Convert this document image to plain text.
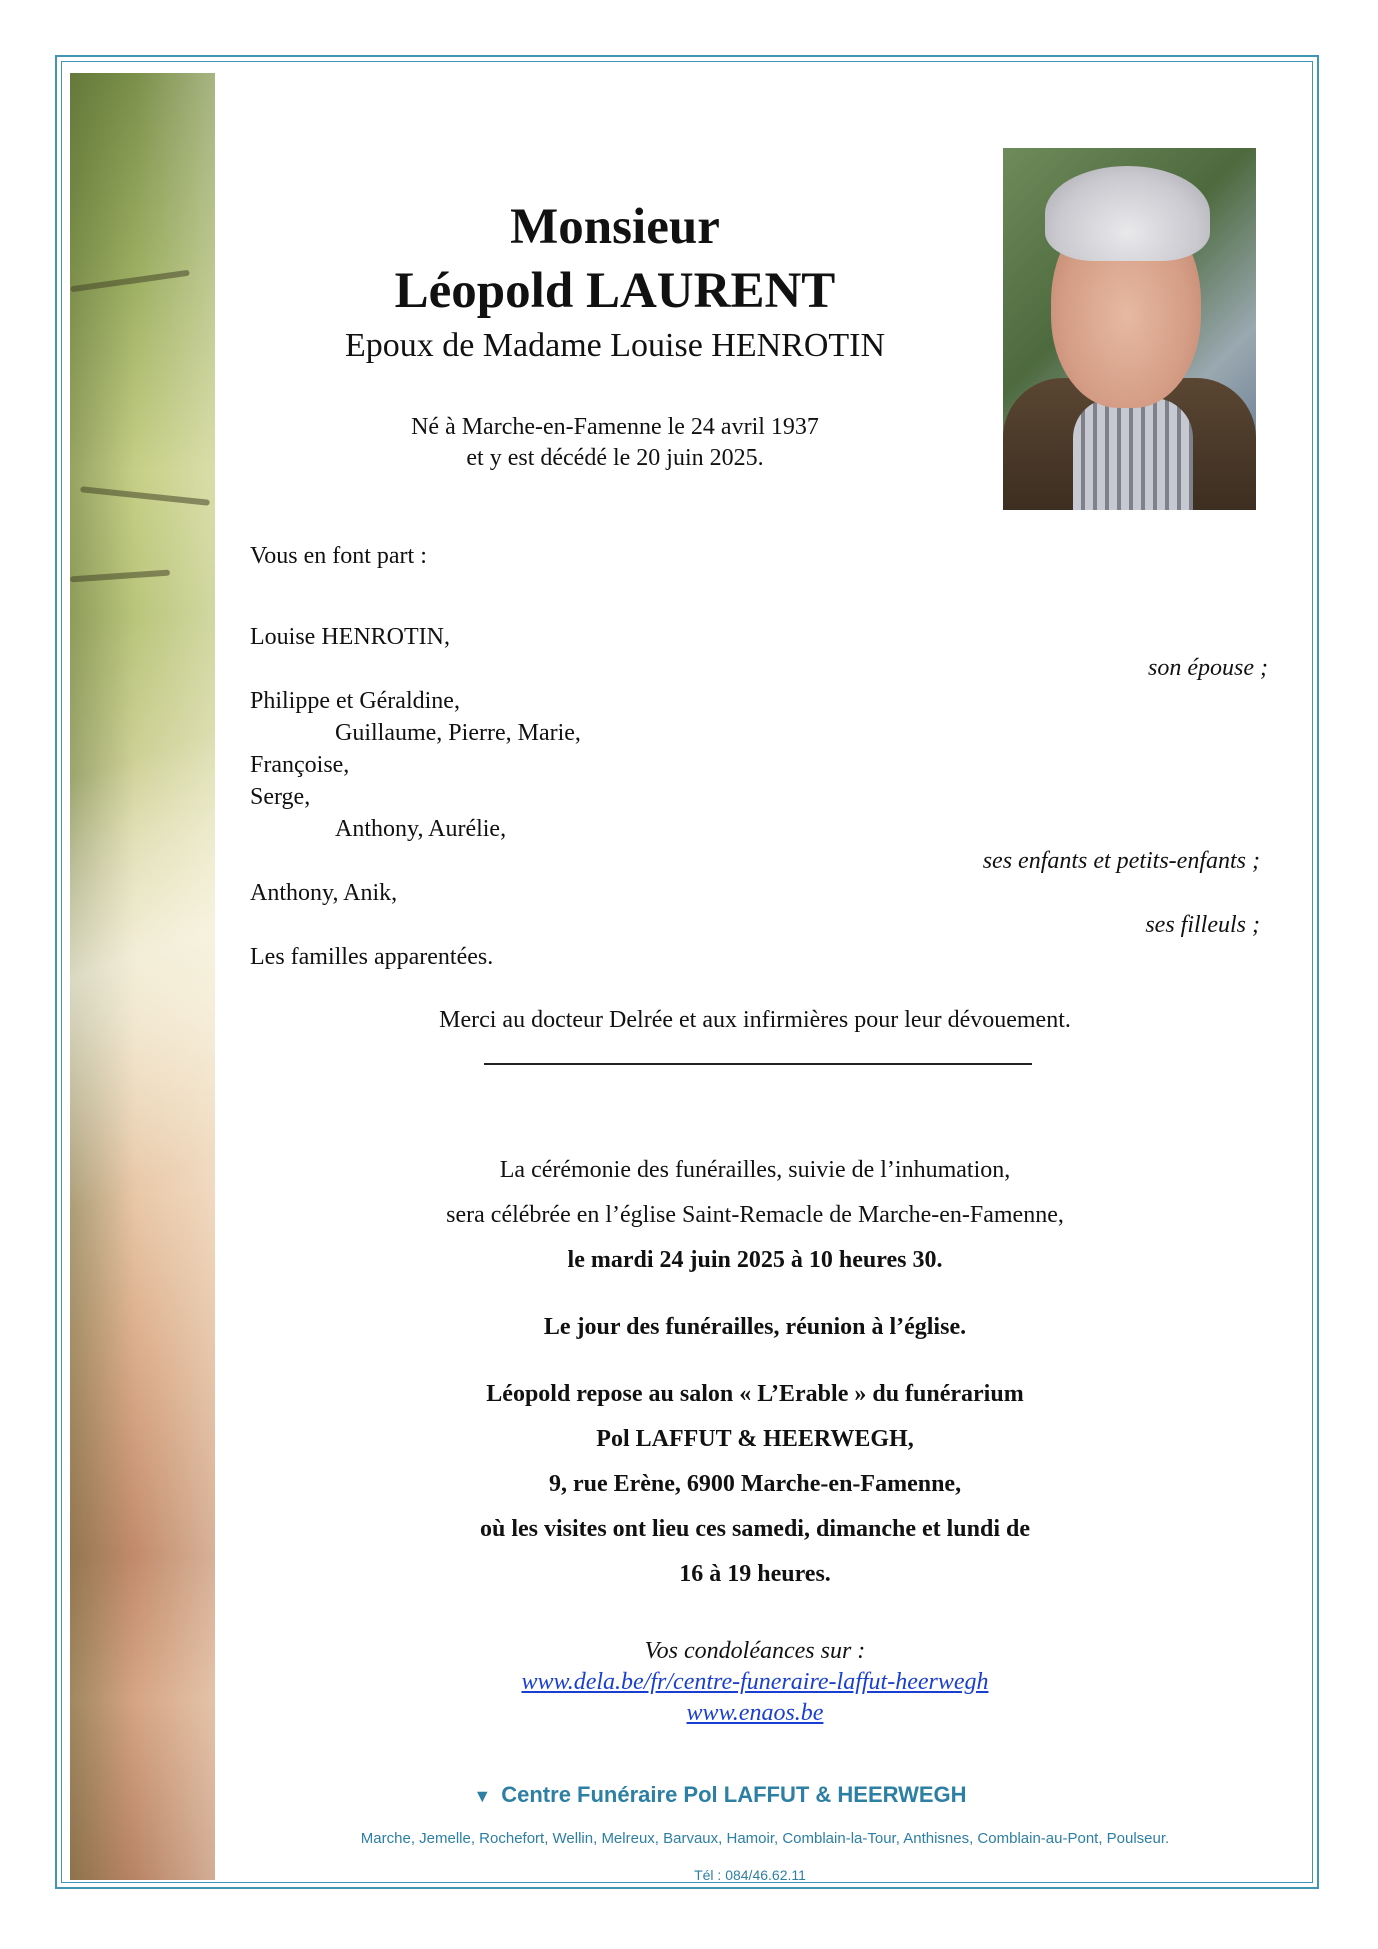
Monsieur
Léopold LAURENT
Epoux de Madame Louise HENROTIN
Né à Marche-en-Famenne le 24 avril 1937
et y est décédé le 20 juin 2025.
Vous en font part :
Louise HENROTIN,
son épouse ;
Philippe et Géraldine,
Guillaume, Pierre, Marie,
Françoise,
Serge,
Anthony, Aurélie,
ses enfants et petits-enfants ;
Anthony, Anik,
ses filleuls ;
Les familles apparentées.
Merci au docteur Delrée et aux infirmières pour leur dévouement.
La cérémonie des funérailles, suivie de l’inhumation,
sera célébrée en l’église Saint-Remacle de Marche-en-Famenne,
le mardi 24 juin 2025 à 10 heures 30.
Le jour des funérailles, réunion à l’église.
Léopold repose au salon « L’Erable » du funérarium
Pol LAFFUT & HEERWEGH,
9, rue Erène, 6900 Marche-en-Famenne,
où les visites ont lieu ces samedi, dimanche et lundi de
16 à 19 heures.
Vos condoléances sur :
www.dela.be/fr/centre-funeraire-laffut-heerwegh
www.enaos.be
▼ Centre Funéraire Pol LAFFUT & HEERWEGH
Marche, Jemelle, Rochefort, Wellin, Melreux, Barvaux, Hamoir, Comblain-la-Tour, Anthisnes, Comblain-au-Pont, Poulseur.
Tél : 084/46.62.11
